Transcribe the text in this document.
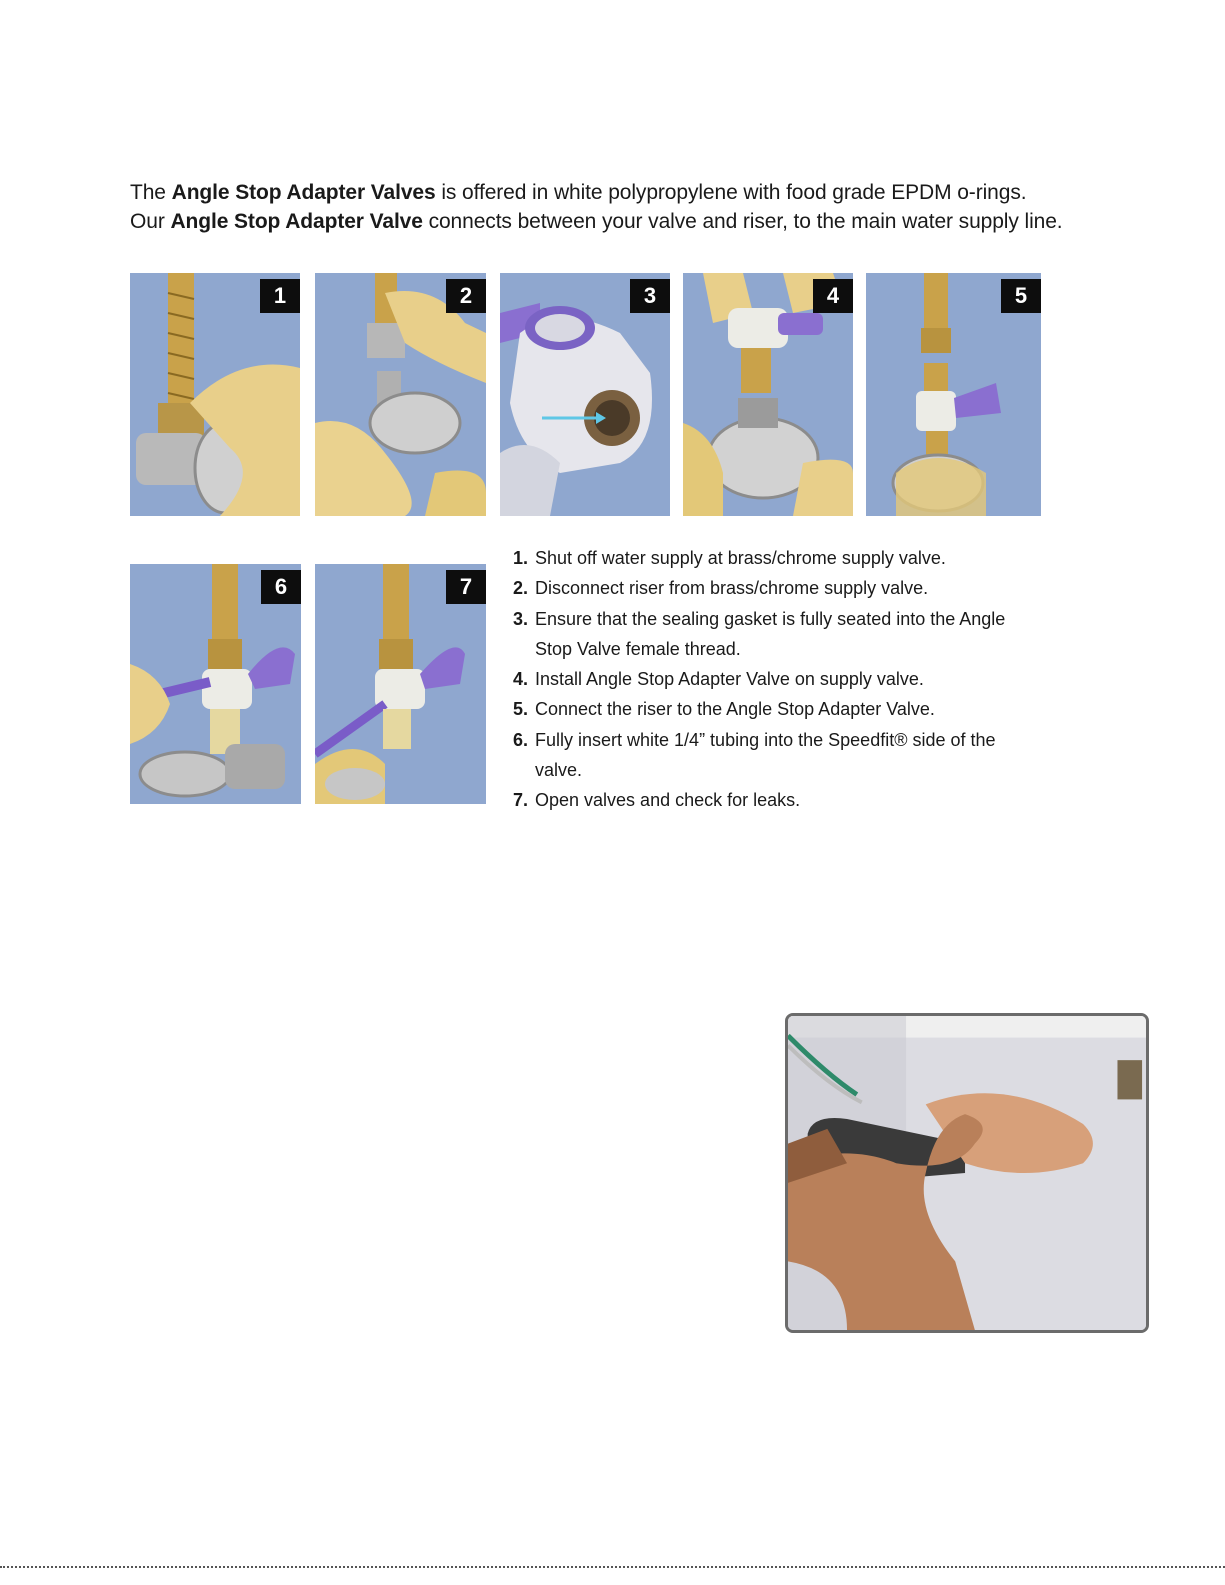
The Angle Stop Adapter Valves is offered in white polypropylene with food grade EPDM o-rings.
Our Angle Stop Adapter Valve connects between your valve and riser, to the main water supply line.
1	2	3	4	5
6	7
1. Shut off water supply at brass/chrome supply valve.
2. Disconnect riser from brass/chrome supply valve.
3. Ensure that the sealing gasket is fully seated into the Angle Stop Valve female thread.
4. Install Angle Stop Adapter Valve on supply valve.
5. Connect the riser to the Angle Stop Adapter Valve.
6. Fully insert white 1/4” tubing into the Speedfit® side of the valve.
7. Open valves and check for leaks.
